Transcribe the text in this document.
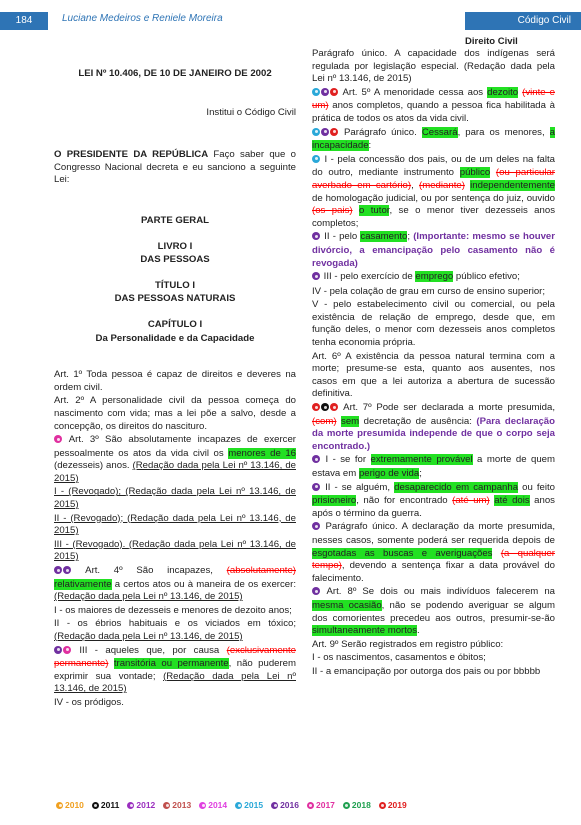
184	Luciane Medeiros e Reniele Moreira	Código Civil
Direito Civil

LEI Nº 10.406, DE 10 DE JANEIRO DE 2002

Institui o Código Civil

O PRESIDENTE DA REPÚBLICA Faço saber que o Congresso Nacional decreta e eu sanciono a seguinte Lei:

PARTE GERAL

LIVRO I

DAS PESSOAS

TÍTULO I

DAS PESSOAS NATURAIS

CAPÍTULO I

Da Personalidade e da Capacidade

Art. 1º Toda pessoa é capaz de direitos e deveres na ordem civil.

Art. 2º A personalidade civil da pessoa começa do nascimento com vida; mas a lei põe a salvo, desde a concepção, os direitos do nascituro.

Art. 3º São absolutamente incapazes de exercer pessoalmente os atos da vida civil os menores de 16 (dezesseis) anos. (Redação dada pela Lei nº 13.146, de 2015)

I - (Revogado); (Redação dada pela Lei nº 13.146, de 2015)

II - (Revogado); (Redação dada pela Lei nº 13.146, de 2015)

III - (Revogado). (Redação dada pela Lei nº 13.146, de 2015)

Art. 4º São incapazes, (absolutamente) relativamente a certos atos ou à maneira de os exercer: (Redação dada pela Lei nº 13.146, de 2015)

I - os maiores de dezesseis e menores de dezoito anos;

II - os ébrios habituais e os viciados em tóxico; (Redação dada pela Lei nº 13.146, de 2015)

III - aqueles que, por causa (exclusivamente permanente) transitória ou permanente, não puderem exprimir sua vontade; (Redação dada pela Lei nº 13.146, de 2015)

IV - os pródigos.

Parágrafo único. A capacidade dos indígenas será regulada por legislação especial. (Redação dada pela Lei nº 13.146, de 2015)

Art. 5º A menoridade cessa aos dezoito (vinte e um) anos completos, quando a pessoa fica habilitada à prática de todos os atos da vida civil.

Parágrafo único. Cessará, para os menores, a incapacidade:

I - pela concessão dos pais, ou de um deles na falta do outro, mediante instrumento público (ou particular averbado em cartório), (mediante) independentemente de homologação judicial, ou por sentença do juiz, ouvido (os pais) o tutor, se o menor tiver dezesseis anos completos;

II - pelo casamento; (Importante: mesmo se houver divórcio, a emancipação pelo casamento não é revogada)

III - pelo exercício de emprego público efetivo;

IV - pela colação de grau em curso de ensino superior;

V - pelo estabelecimento civil ou comercial, ou pela existência de relação de emprego, desde que, em função deles, o menor com dezesseis anos completos tenha economia própria.

Art. 6º A existência da pessoa natural termina com a morte; presume-se esta, quanto aos ausentes, nos casos em que a lei autoriza a abertura de sucessão definitiva.

Art. 7º Pode ser declarada a morte presumida, (com) sem decretação de ausência: (Para declaração da morte presumida independe de que o corpo seja encontrado.)

I - se for extremamente provável a morte de quem estava em perigo de vida;

II - se alguém, desaparecido em campanha ou feito prisioneiro, não for encontrado (até um) até dois anos após o término da guerra.

Parágrafo único. A declaração da morte presumida, nesses casos, somente poderá ser requerida depois de esgotadas as buscas e averiguações (a qualquer tempo), devendo a sentença fixar a data provável do falecimento.

Art. 8º Se dois ou mais indivíduos falecerem na mesma ocasião, não se podendo averiguar se algum dos comorientes precedeu aos outros, presumir-se-ão simultaneamente mortos.

Art. 9º Serão registrados em registro público:

I - os nascimentos, casamentos e óbitos;

II - a emancipação por outorga dos pais ou por bbbbb

2010 2011 2012 2013 2014 2015 2016 2017 2018 2019
